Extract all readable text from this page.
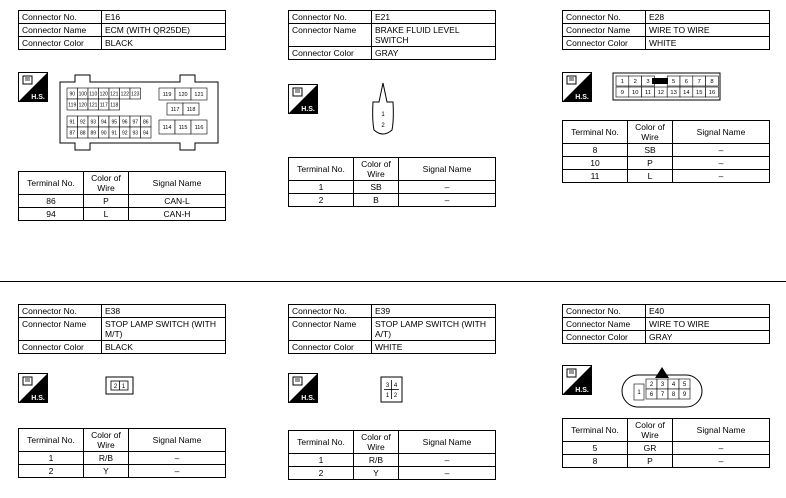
Connector No.	E16
Connector Name	ECM (WITH QR25DE)
Connector Color	BLACK
H.S.	90 100 110 120 121 122 123
119 120 121 117 118
91 92 93 94 95 96 97 86
87 88 89 90 91 92 93 94
119 120 121
117 118
114 115 116
Terminal No.	Color of Wire	Signal Name
86	P	CAN-L
94	L	CAN-H
Connector No.	E21
Connector Name	BRAKE FLUID LEVEL SWITCH
Connector Color	GRAY
H.S.
1
2
Terminal No.	Color of Wire	Signal Name
1	SB	–
2	B	–
Connector No.	E28
Connector Name	WIRE TO WIRE
Connector Color	WHITE
H.S.
1 2 3	5 6 7 8
9 10 11 12 13 14 15 16
Terminal No.	Color of Wire	Signal Name
8	SB	–
10	P	–
11	L	–
Connector No.	E38
Connector Name	STOP LAMP SWITCH (WITH M/T)
Connector Color	BLACK
H.S.
2 1
Terminal No.	Color of Wire	Signal Name
1	R/B	–
2	Y	–
Connector No.	E39
Connector Name	STOP LAMP SWITCH (WITH A/T)
Connector Color	WHITE
H.S.
3 4
1 2
Terminal No.	Color of Wire	Signal Name
1	R/B	–
2	Y	–
Connector No.	E40
Connector Name	WIRE TO WIRE
Connector Color	GRAY
H.S.	1
2 3 4 5
6 7 8 9
Terminal No.	Color of Wire	Signal Name
5	GR	–
8	P	–
